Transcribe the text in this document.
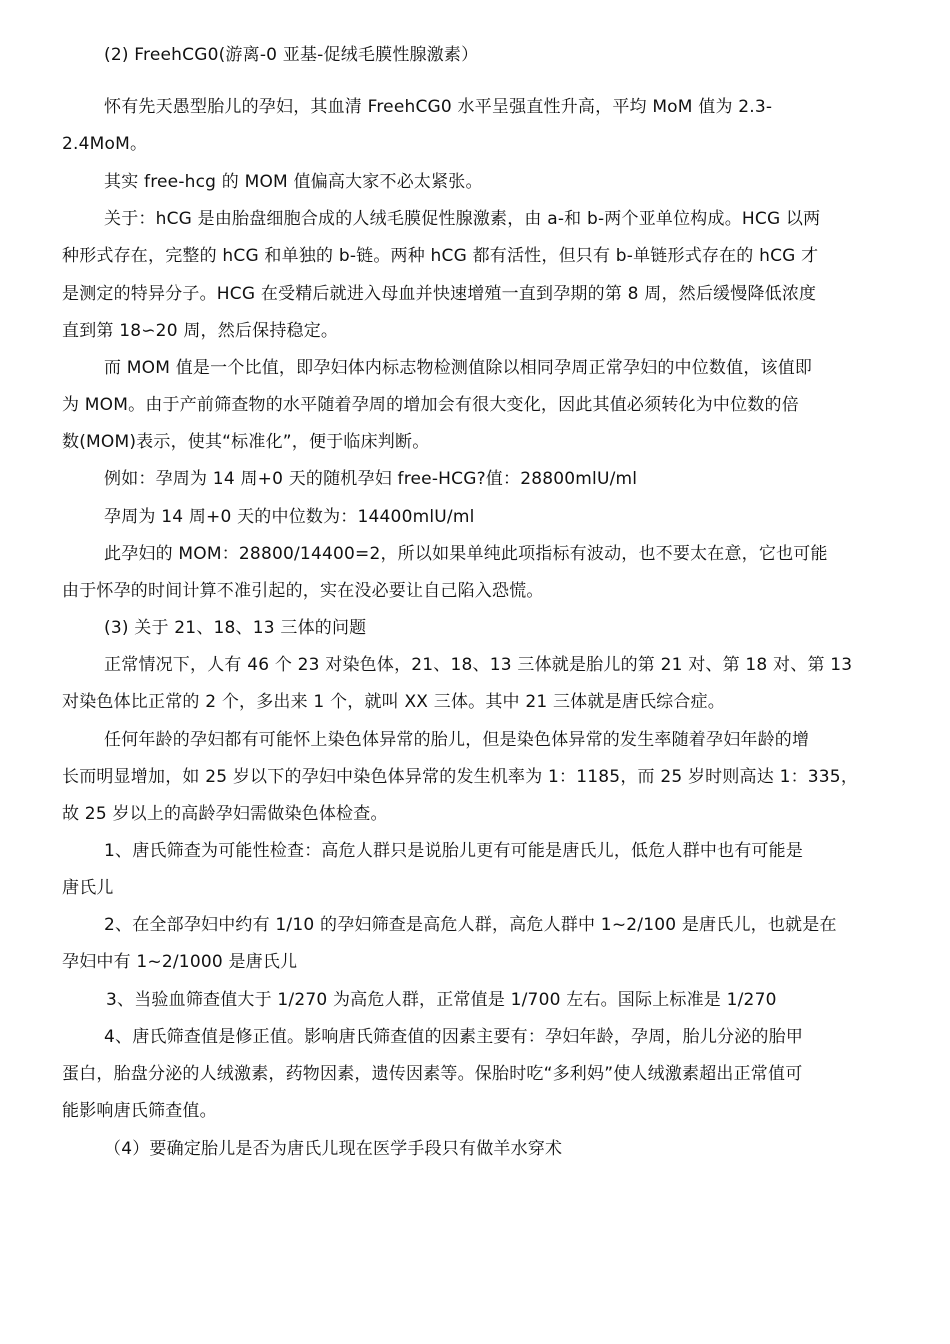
(2) FreehCG0(游离-0 亚基-促绒毛膜性腺激素）
怀有先天愚型胎儿的孕妇，其血清 FreehCG0 水平呈强直性升高，平均 MoM 值为 2.3-
2.4MoM。
其实 free-hcg 的 MOM 值偏高大家不必太紧张。
关于：hCG 是由胎盘细胞合成的人绒毛膜促性腺激素，由 a-和 b-两个亚单位构成。HCG 以两
种形式存在，完整的 hCG 和单独的 b-链。两种 hCG 都有活性，但只有 b-单链形式存在的 hCG 才
是测定的特异分子。HCG 在受精后就进入母血并快速增殖一直到孕期的第 8 周，然后缓慢降低浓度
直到第 18∽20 周，然后保持稳定。
而 MOM 值是一个比值，即孕妇体内标志物检测值除以相同孕周正常孕妇的中位数值，该值即
为 MOM。由于产前筛查物的水平随着孕周的增加会有很大变化，因此其值必须转化为中位数的倍
数(MOM)表示，使其“标准化”，便于临床判断。
例如：孕周为 14 周+0 天的随机孕妇 free-HCG?值：28800mlU/ml
孕周为 14 周+0 天的中位数为：14400mlU/ml
此孕妇的 MOM：28800/14400=2，所以如果单纯此项指标有波动，也不要太在意，它也可能
由于怀孕的时间计算不准引起的，实在没必要让自己陷入恐慌。
(3) 关于 21、18、13 三体的问题
正常情况下，人有 46 个 23 对染色体，21、18、13 三体就是胎儿的第 21 对、第 18 对、第 13
对染色体比正常的 2 个，多出来 1 个，就叫 XX 三体。其中 21 三体就是唐氏综合症。
任何年龄的孕妇都有可能怀上染色体异常的胎儿，但是染色体异常的发生率随着孕妇年龄的增
长而明显增加，如 25 岁以下的孕妇中染色体异常的发生机率为 1：1185，而 25 岁时则高达 1：335，
故 25 岁以上的高龄孕妇需做染色体检查。
1、唐氏筛查为可能性检查：高危人群只是说胎儿更有可能是唐氏儿，低危人群中也有可能是
唐氏儿
2、在全部孕妇中约有 1/10 的孕妇筛查是高危人群，高危人群中 1~2/100 是唐氏儿，也就是在
孕妇中有 1~2/1000 是唐氏儿
3、当验血筛查值大于 1/270 为高危人群，正常值是 1/700 左右。国际上标准是 1/270
4、唐氏筛查值是修正值。影响唐氏筛查值的因素主要有：孕妇年龄，孕周，胎儿分泌的胎甲
蛋白，胎盘分泌的人绒激素，药物因素，遗传因素等。保胎时吃“多利妈”使人绒激素超出正常值可
能影响唐氏筛查值。
（4）要确定胎儿是否为唐氏儿现在医学手段只有做羊水穿术
